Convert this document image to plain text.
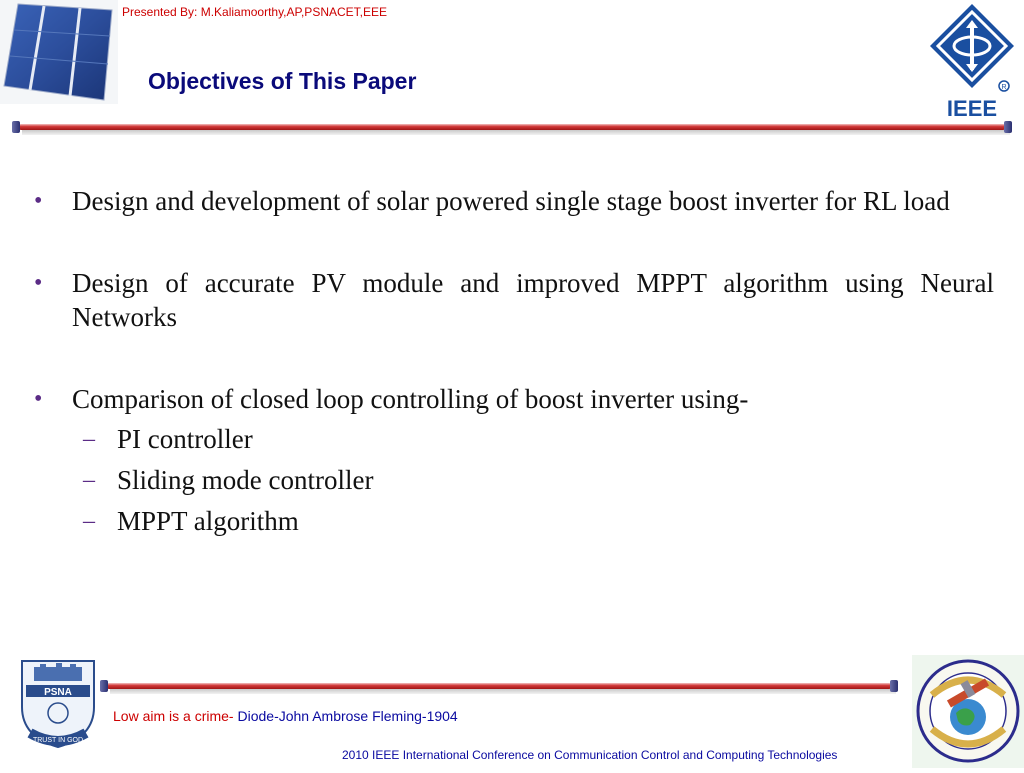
Presented By: M.Kaliamoorthy,AP,PSNACET,EEE
Objectives of This Paper	R
IEEE
• Design and development of solar powered single stage boost inverter for RL load
• Design of accurate PV module and improved MPPT algorithm using Neural Networks
• Comparison of closed loop controlling of boost inverter using-
– PI controller
– Sliding mode controller
– MPPT algorithm
PSNA
TRUST IN GOD
Low aim is a crime- Diode-John Ambrose Fleming-1904
2010 IEEE International Conference on Communication Control and Computing Technologies
